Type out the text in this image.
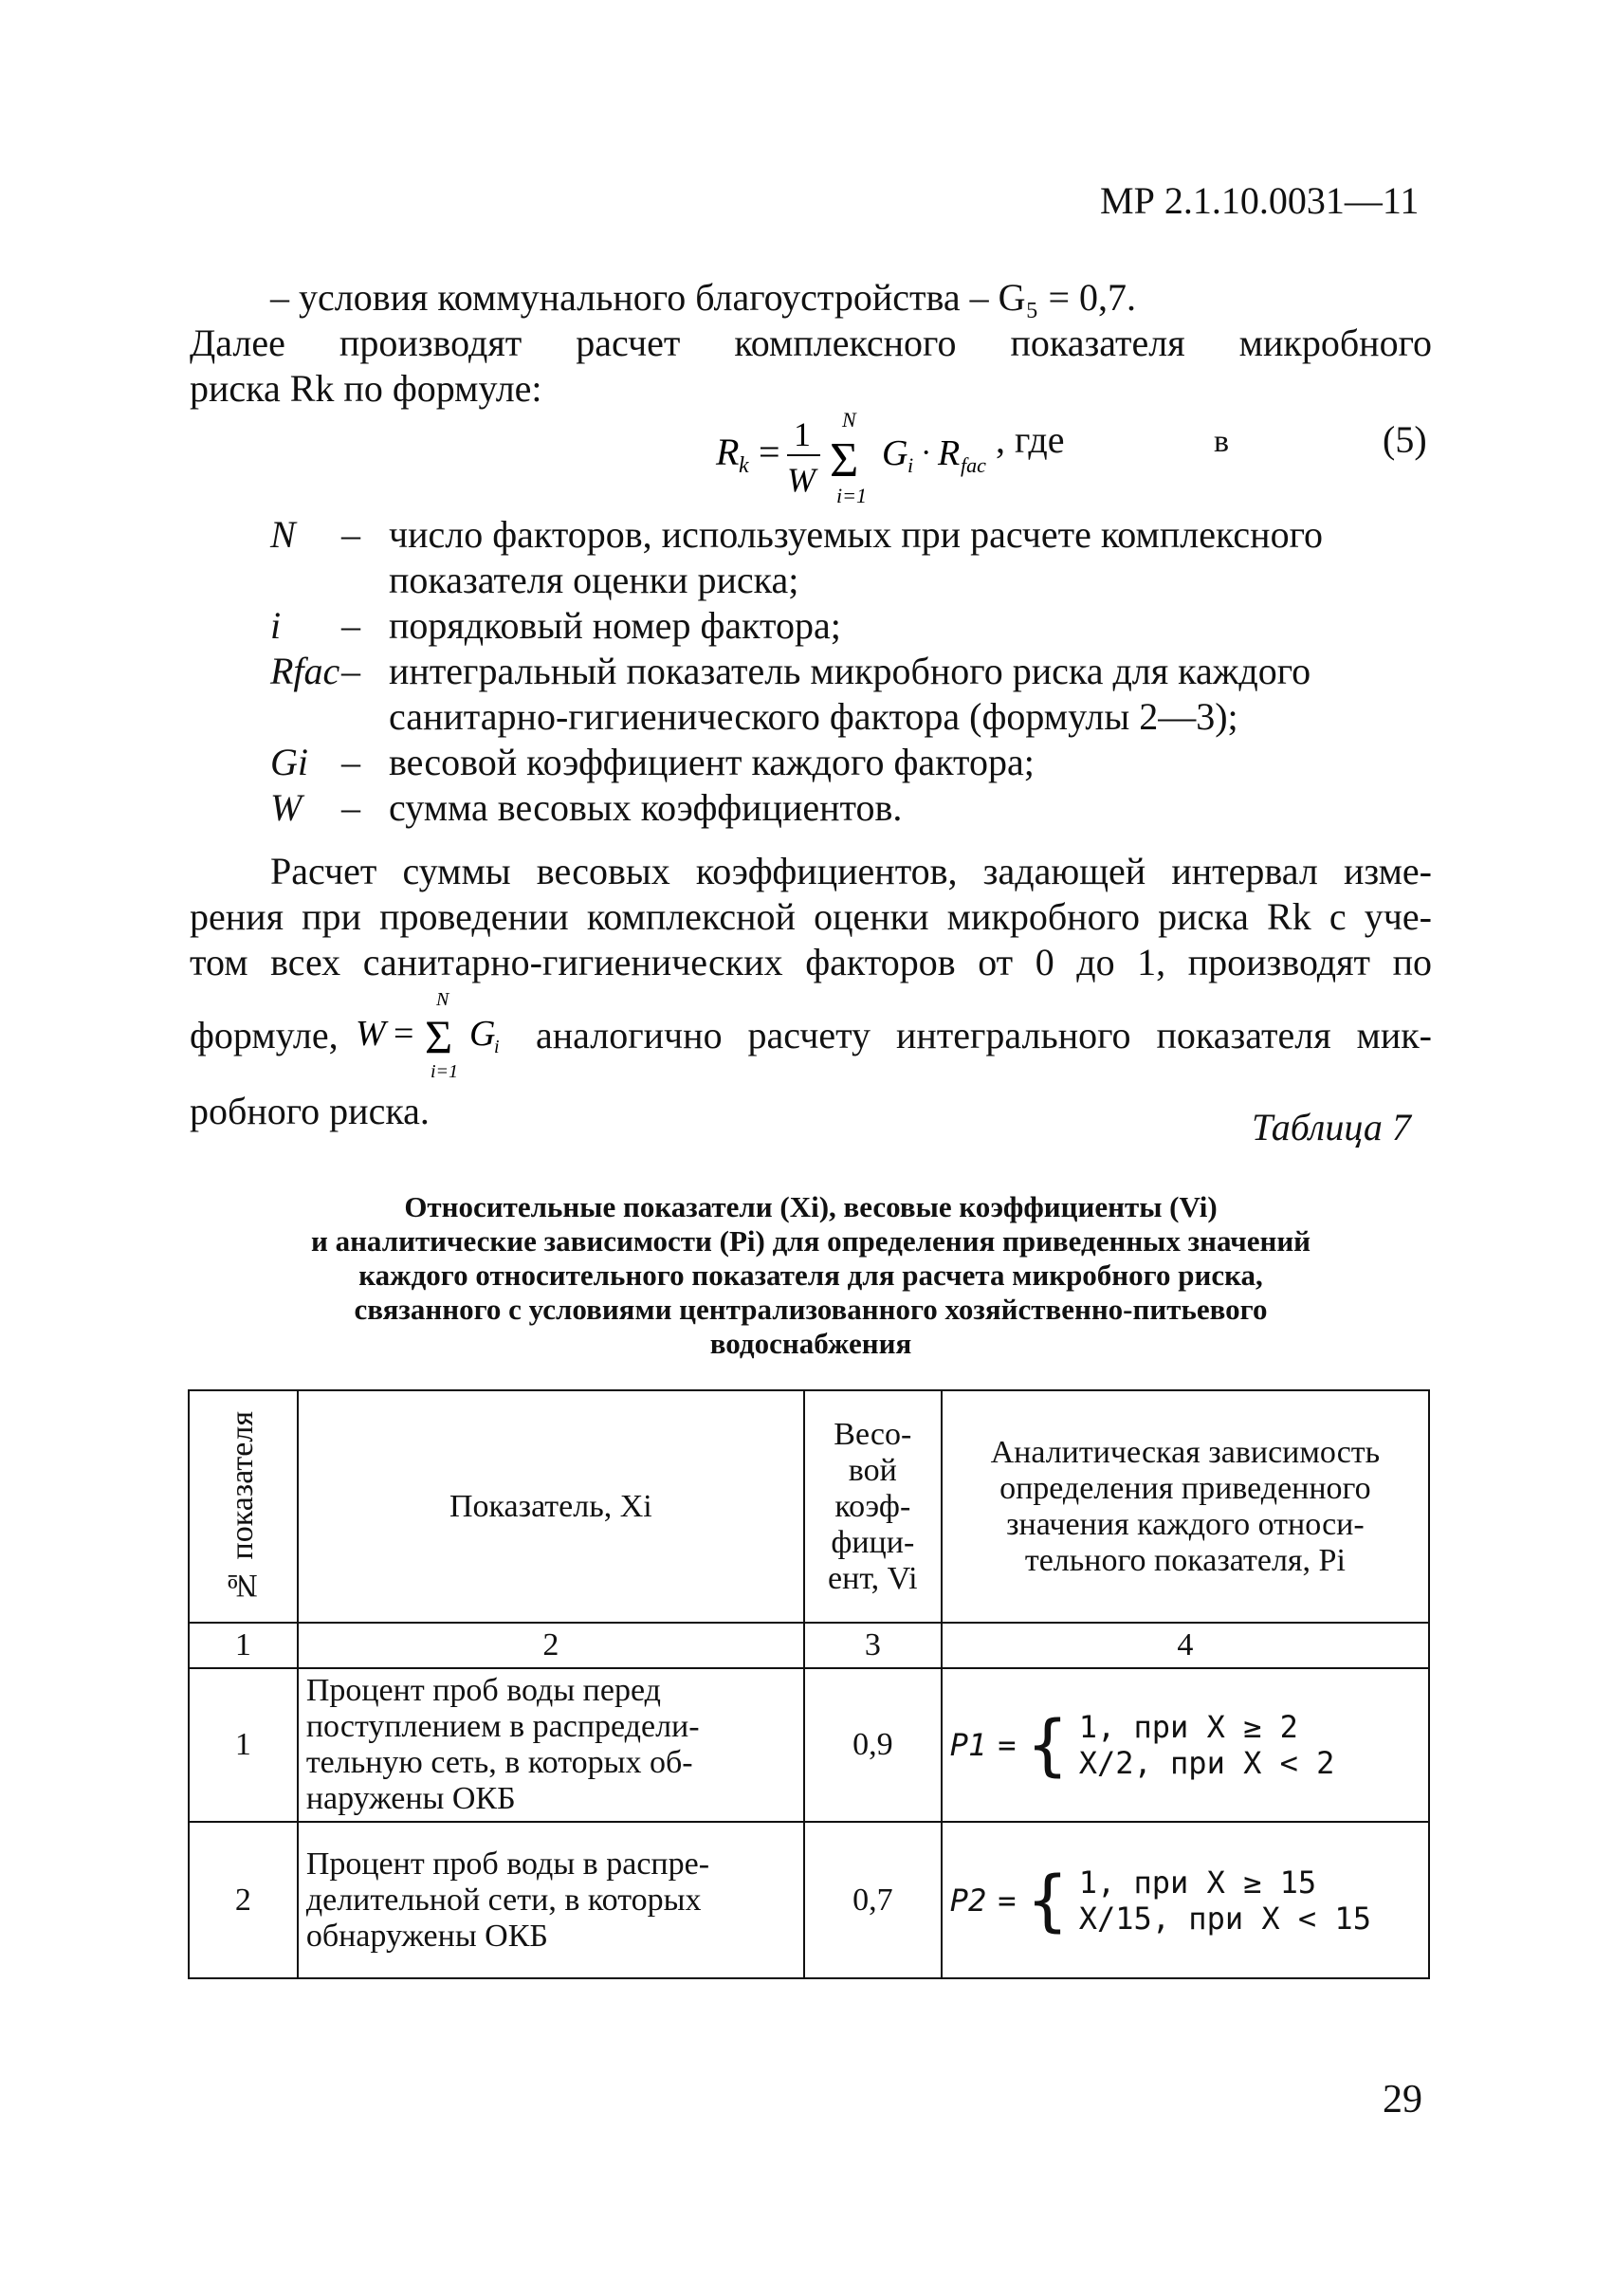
МР 2.1.10.0031—11
– условия коммунального благоустройства – G₅ = 0,7.
Далее производят расчет комплексного показателя микробного
риска Rk по формуле:
R k = 1
W Σ
N
i=1
G i · R fac
, где	в	(5)
N – число факторов, используемых при расчете комплексного
показателя оценки риска;
i – порядковый номер фактора;
Rfac – интегральный показатель микробного риска для каждого
санитарно-гигиенического фактора (формулы 2—3);
Gi – весовой коэффициент каждого фактора;
W – сумма весовых коэффициентов.
Расчет суммы весовых коэффициентов, задающей интервал изме-
рения при проведении комплексной оценки микробного риска Rk с уче-
том всех санитарно-гигиенических факторов от 0 до 1, производят по
формуле, W = Σ
N
i=1
G
i аналогично расчету интегрального показателя мик-
робного риска.	Таблица 7
Относительные показатели (Xi), весовые коэффициенты (Vi)
и аналитические зависимости (Pi) для определения приведенных значений
каждого относительного показателя для расчета микробного риска,
связанного с условиями централизованного хозяйственно-питьевого
водоснабжения
№ показателя	Показатель, Xi	Весо-вой коэф-фици-ент, Vi	Аналитическая зависимость определения приведенного значения каждого относи-тельного показателя, Pi
1	2	3	4
1	Процент проб воды перед поступлением в распредели-тельную сеть, в которых об-наружены ОКБ	0,9	P1 = { 1, при X ≥ 2
X/2, при X < 2

2	Процент проб воды в распре-делительной сети, в которых обнаружены ОКБ	0,7	P2 = { 1, при X ≥ 15
X/15, при X < 15
29
